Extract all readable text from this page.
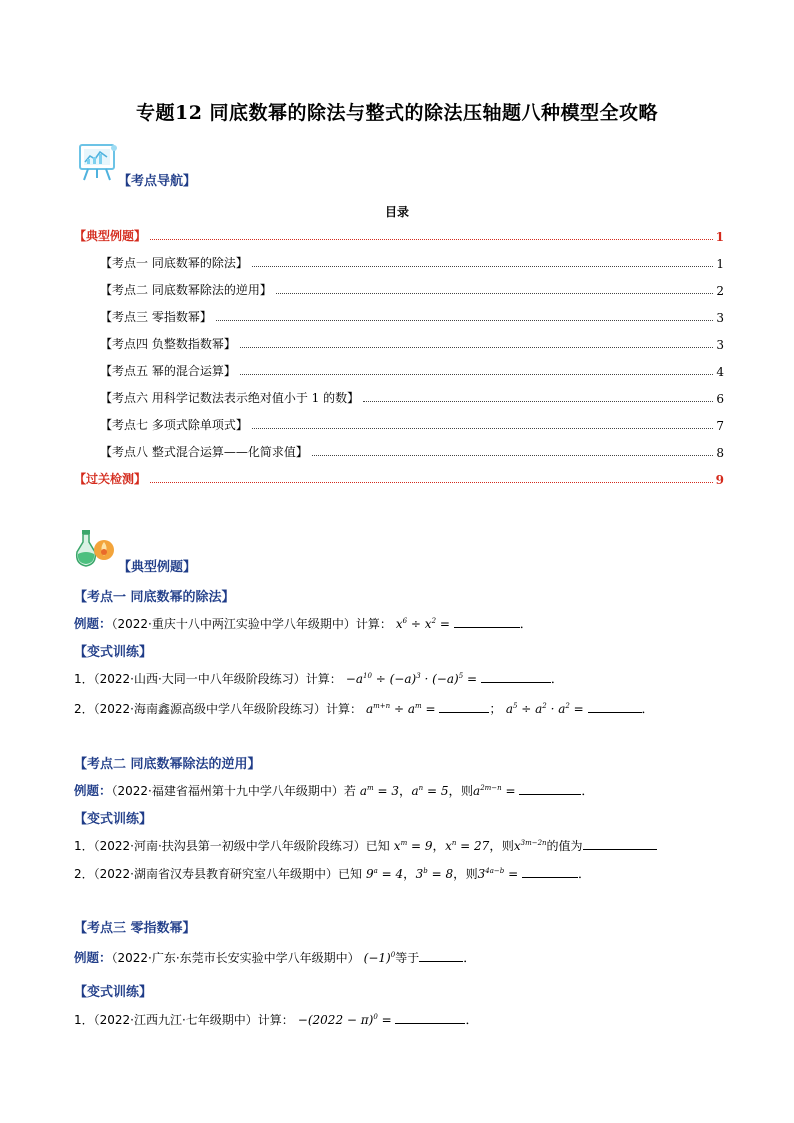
专题12 同底数幂的除法与整式的除法压轴题八种模型全攻略
【考点导航】
目录
【典型例题】	1
【考点一 同底数幂的除法】	1
【考点二 同底数幂除法的逆用】	2
【考点三 零指数幂】	3
【考点四 负整数指数幂】	3
【考点五 幂的混合运算】	4
【考点六 用科学记数法表示绝对值小于 1 的数】	6
【考点七 多项式除单项式】	7
【考点八 整式混合运算——化简求值】	8
【过关检测】	9
【典型例题】
【考点一 同底数幂的除法】
例题：（2022·重庆十八中两江实验中学八年级期中）计算： $x^6 \div x^2$ =	．
【变式训练】
1．（2022·山西·大同一中八年级阶段练习）计算： $-a^{10} \div (-a)^3 \cdot (-a)^5$ =	．
2．（2022·海南鑫源高级中学八年级阶段练习）计算： $a^{m+n} \div a^m$ =	； $a^5 \div a^2 \cdot a^2$ =	．
【考点二 同底数幂除法的逆用】
例题：（2022·福建省福州第十九中学八年级期中）若 $a^m = 3$，$a^n = 5$，则$a^{2m-n}$ =	．
【变式训练】
1．（2022·河南·扶沟县第一初级中学八年级阶段练习）已知 $x^m = 9$，$x^n = 27$，则$x^{3m-2n}$的值为
2．（2022·湖南省汉寿县教育研究室八年级期中）已知 $9^a = 4$，$3^b = 8$，则$3^{4a-b}$ =	．
【考点三 零指数幂】
例题：（2022·广东·东莞市长安实验中学八年级期中） $(-1)^0$等于	．
【变式训练】
1．（2022·江西九江·七年级期中）计算： $-(2022 - \pi)^0$ =	．
